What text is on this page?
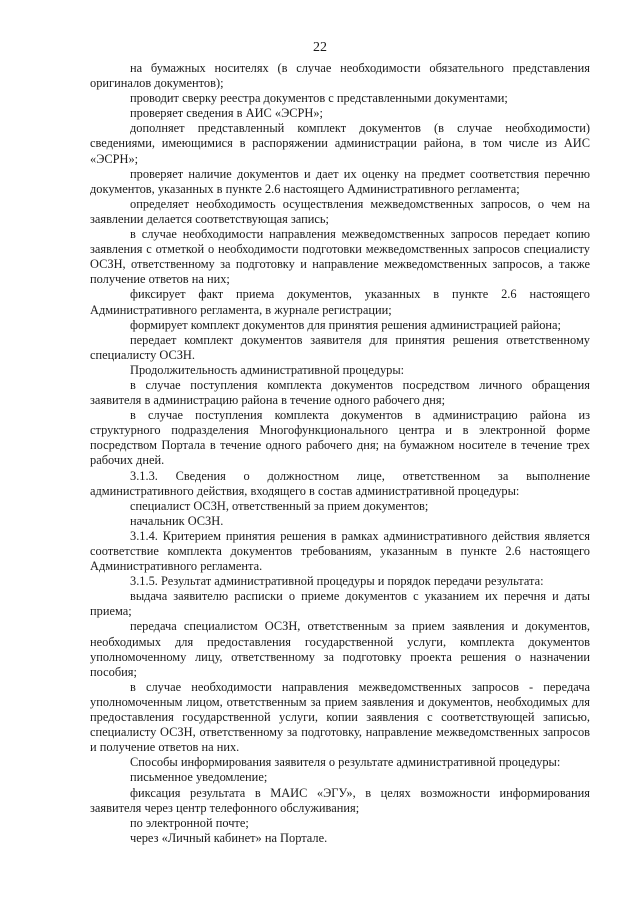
22

на бумажных носителях (в случае необходимости обязательного представления оригиналов документов);

проводит сверку реестра документов с представленными документами;

проверяет сведения в АИС «ЭСРН»;

дополняет представленный комплект документов (в случае необходимости) сведениями, имеющимися в распоряжении администрации района, в том числе из АИС «ЭСРН»;

проверяет наличие документов и дает их оценку на предмет соответствия перечню документов, указанных в пункте 2.6 настоящего Административного регламента;

определяет необходимость осуществления межведомственных запросов, о чем на заявлении делается соответствующая запись;

в случае необходимости направления межведомственных запросов передает копию заявления с отметкой о необходимости подготовки межведомственных запросов специалисту ОСЗН, ответственному за подготовку и направление межведомственных запросов, а также получение ответов на них;

фиксирует факт приема документов, указанных в пункте 2.6 настоящего Административного регламента, в журнале регистрации;

формирует комплект документов для принятия решения администрацией района;

передает комплект документов заявителя для принятия решения ответственному специалисту ОСЗН.

Продолжительность административной процедуры:

в случае поступления комплекта документов посредством личного обращения заявителя в администрацию района в течение одного рабочего дня;

в случае поступления комплекта документов в администрацию района из структурного подразделения Многофункционального центра и в электронной форме посредством Портала в течение одного рабочего дня; на бумажном носителе в течение трех рабочих дней.

3.1.3. Сведения о должностном лице, ответственном за выполнение административного действия, входящего в состав административной процедуры:

специалист ОСЗН, ответственный за прием документов;

начальник ОСЗН.

3.1.4. Критерием принятия решения в рамках административного действия является соответствие комплекта документов требованиям, указанным в пункте 2.6 настоящего Административного регламента.

3.1.5. Результат административной процедуры и порядок передачи результата:

выдача заявителю расписки о приеме документов с указанием их перечня и даты приема;

передача специалистом ОСЗН, ответственным за прием заявления и документов, необходимых для предоставления государственной услуги, комплекта документов уполномоченному лицу, ответственному за подготовку проекта решения о назначении пособия;

в случае необходимости направления межведомственных запросов - передача уполномоченным лицом, ответственным за прием заявления и документов, необходимых для предоставления государственной услуги, копии заявления с соответствующей записью, специалисту ОСЗН, ответственному за подготовку, направление межведомственных запросов и получение ответов на них.

Способы информирования заявителя о результате административной процедуры:

письменное уведомление;

фиксация результата в МАИС «ЭГУ», в целях возможности информирования заявителя через центр телефонного обслуживания;

по электронной почте;

через «Личный кабинет» на Портале.
